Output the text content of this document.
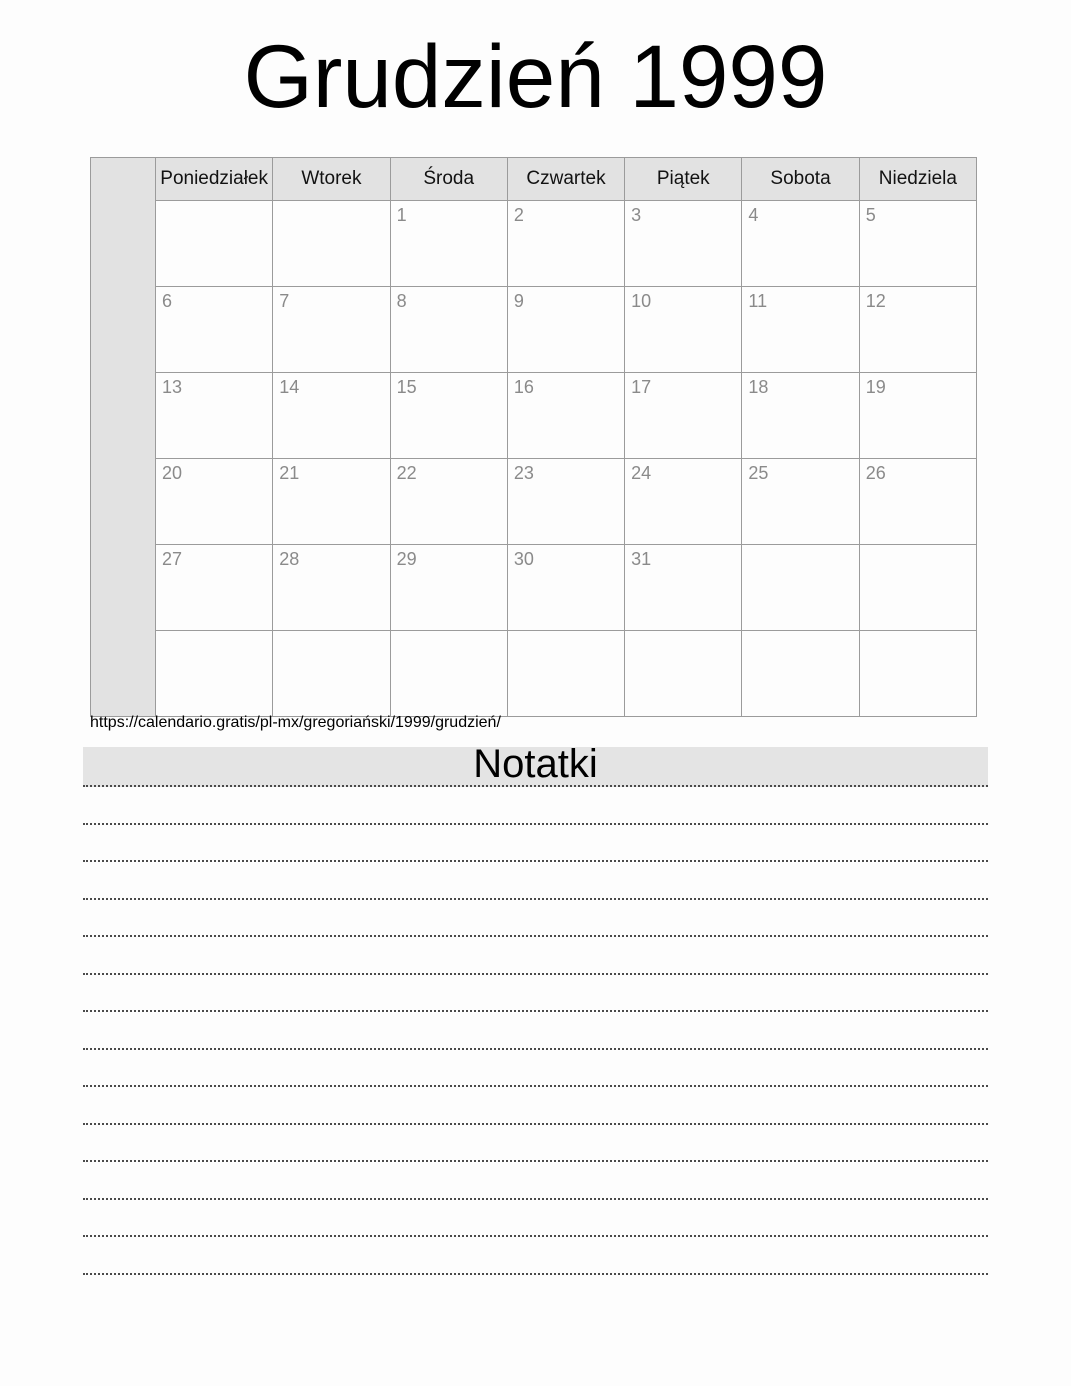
Grudzień 1999
	Poniedziałek	Wtorek	Środa	Czwartek	Piątek	Sobota	Niedziela

			1	2	3	4	5

	6	7	8	9	10	11	12

	13	14	15	16	17	18	19

	20	21	22	23	24	25	26

	27	28	29	30	31		

https://calendario.gratis/pl-mx/gregoriański/1999/grudzień/
Notatki
